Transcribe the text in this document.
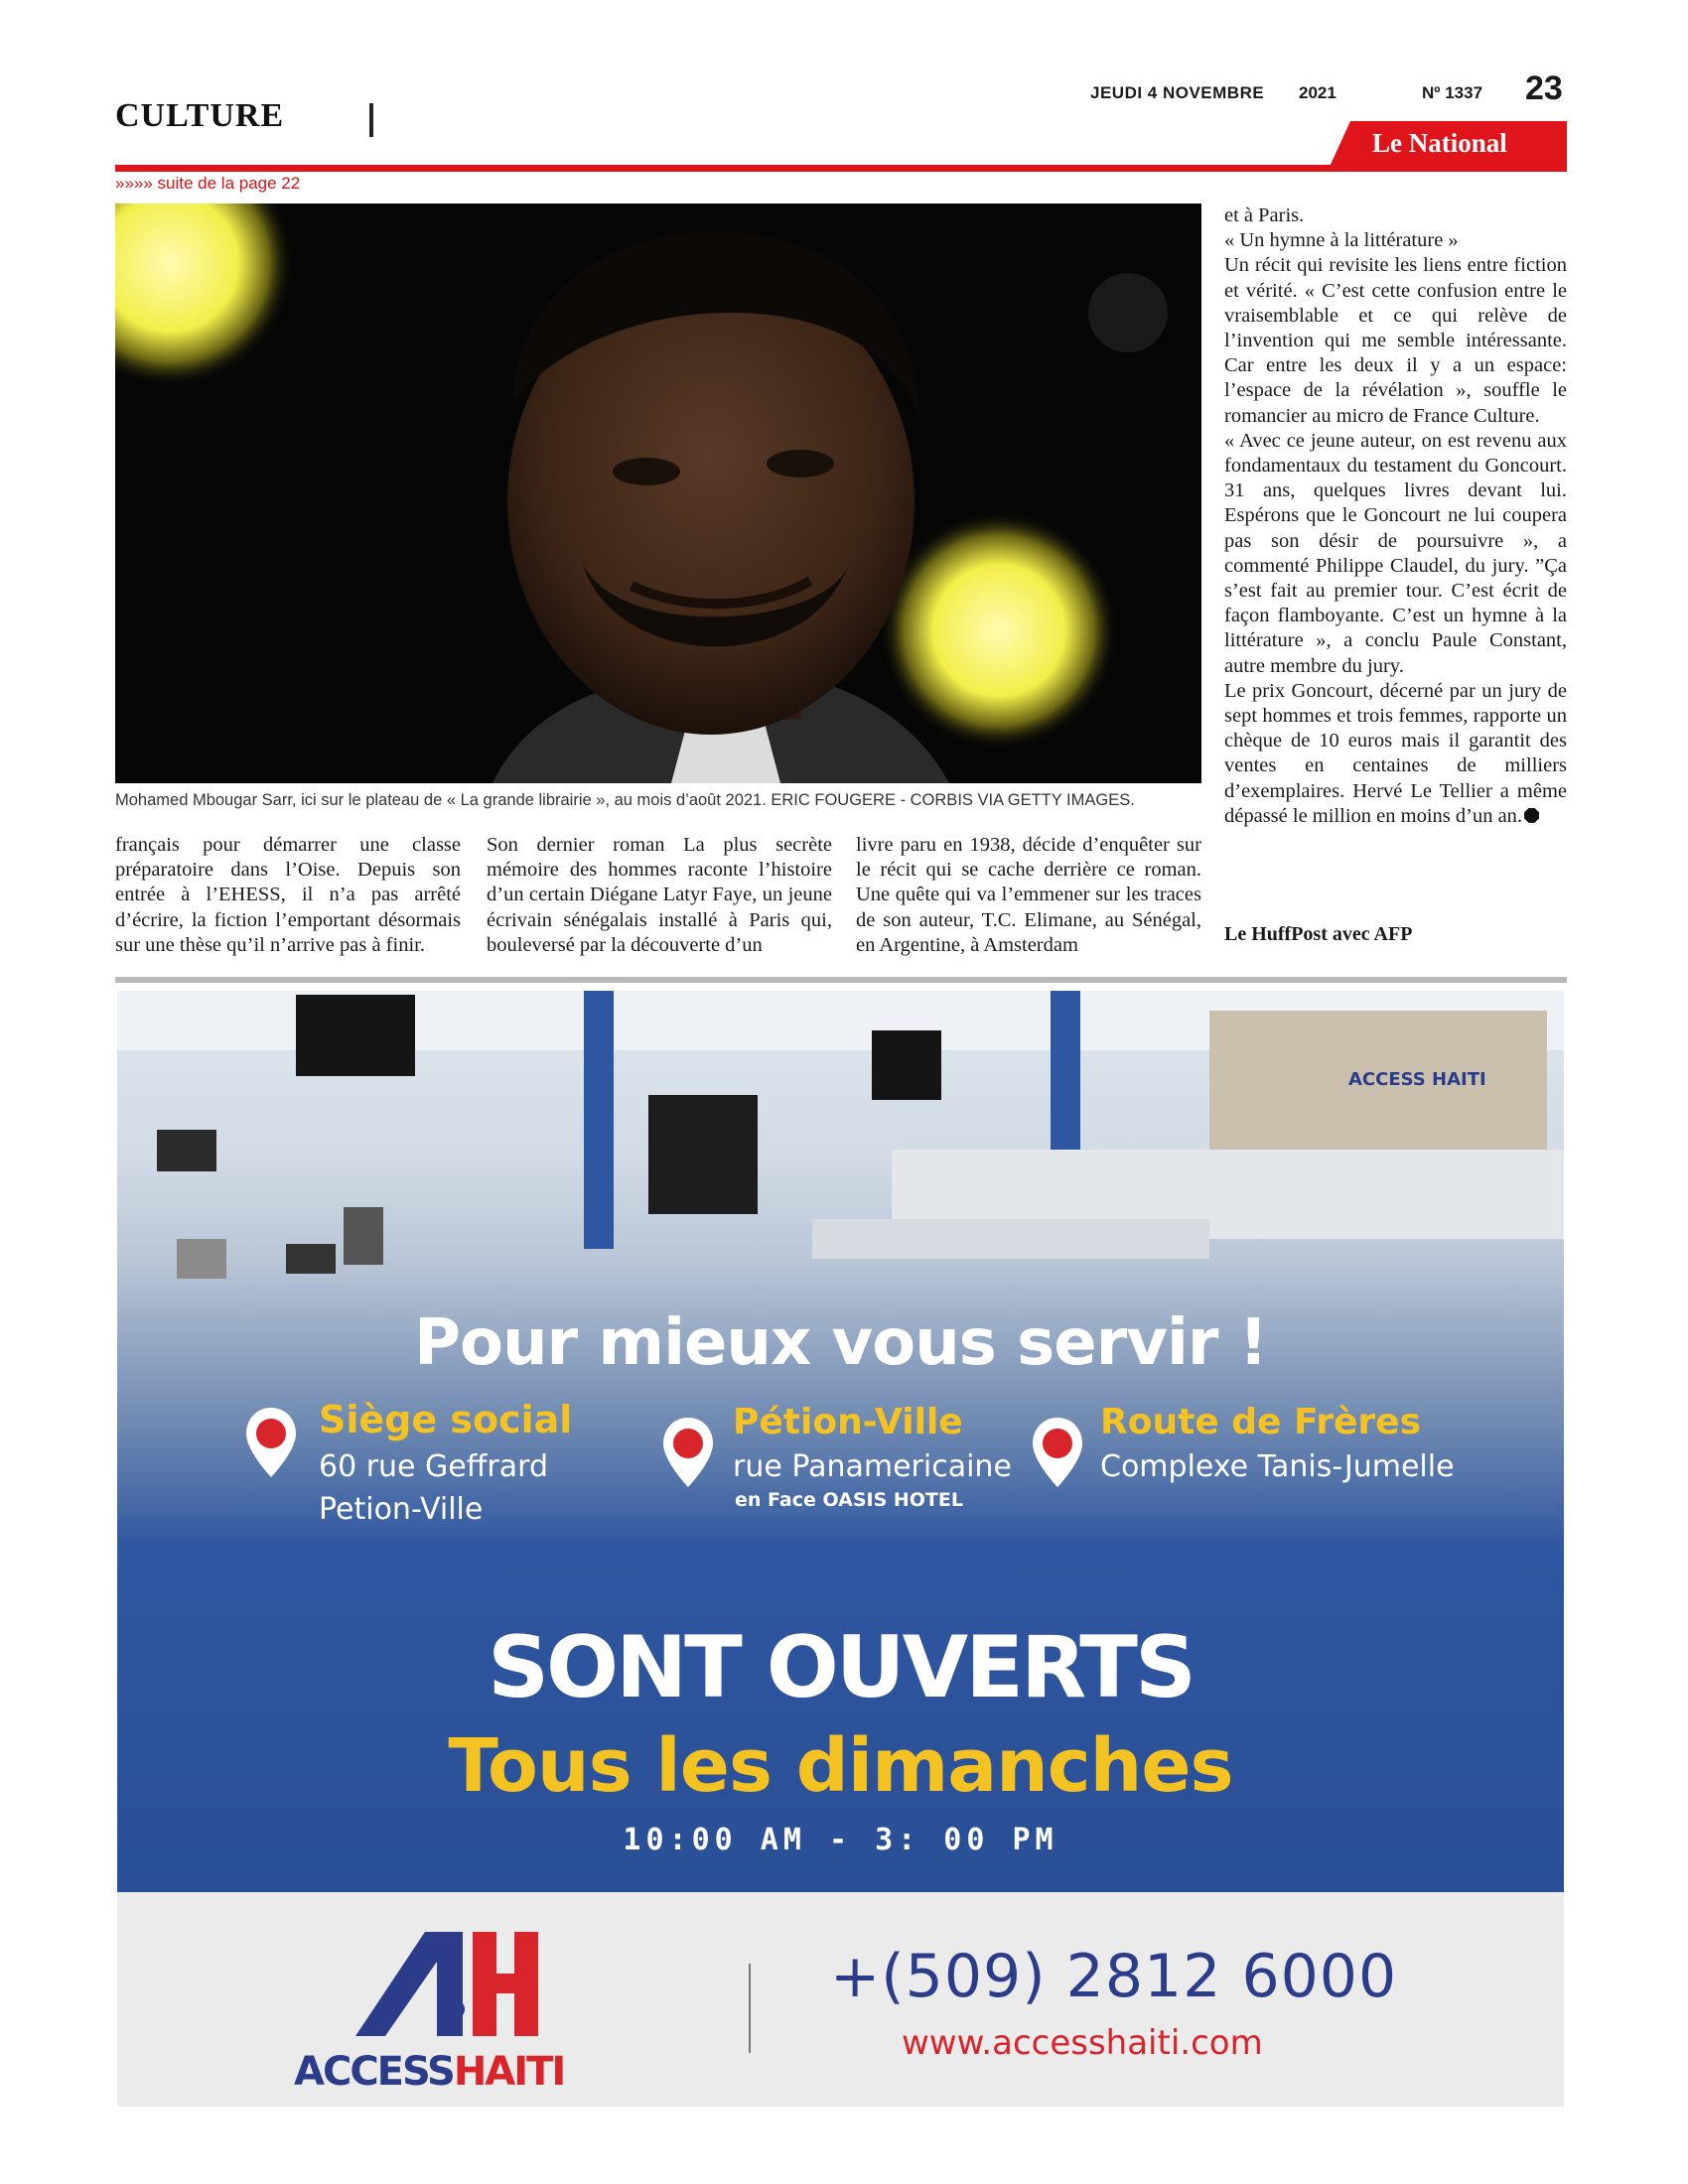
CULTURE
JEUDI 4 NOVEMBRE 2021	Nº 1337 23
Le National
»»»» suite de la page 22
Mohamed Mbougar Sarr, ici sur le plateau de « La grande librairie », au mois d’août 2021. ERIC FOUGERE - CORBIS VIA GETTY IMAGES.

français pour démarrer une classe préparatoire dans l’Oise. Depuis son entrée à l’EHESS, il n’a pas arrêté d’écrire, la fiction l’emportant désormais sur une thèse qu’il n’arrive pas à finir.

Son dernier roman La plus secrète mémoire des hommes raconte l’histoire d’un certain Diégane Latyr Faye, un jeune écrivain sénégalais installé à Paris qui, bouleversé par la découverte d’un

livre paru en 1938, décide d’enquêter sur le récit qui se cache derrière ce roman. Une quête qui va l’emmener sur les traces de son auteur, T.C. Elimane, au Sénégal, en Argentine, à Amsterdam

et à Paris.

« Un hymne à la littérature »

Un récit qui revisite les liens entre fiction et vérité. « C’est cette confusion entre le vraisemblable et ce qui relève de l’invention qui me semble intéressante. Car entre les deux il y a un espace: l’espace de la révélation », souffle le romancier au micro de France Culture.

« Avec ce jeune auteur, on est revenu aux fondamentaux du testament du Goncourt. 31 ans, quelques livres devant lui. Espérons que le Goncourt ne lui coupera pas son désir de poursuivre », a commenté Philippe Claudel, du jury. ”Ça s’est fait au premier tour. C’est écrit de façon flamboyante. C’est un hymne à la littérature », a conclu Paule Constant, autre membre du jury.

Le prix Goncourt, décerné par un jury de sept hommes et trois femmes, rapporte un chèque de 10 euros mais il garantit des ventes en centaines de milliers d’exemplaires. Hervé Le Tellier a même dépassé le million en moins d’un an.

Le HuffPost avec AFP
ACCESS HAITI
Pour mieux vous servir !
Siège social
60 rue Geffrard
Petion-Ville
Pétion-Ville
rue Panamericaine
en Face OASIS HOTEL
Route de Frères
Complexe Tanis-Jumelle
SONT OUVERTS
Tous les dimanches
10:00 AM - 3: 00 PM
ACCESSHAITI
+(509) 2812 6000
www.accesshaiti.com
